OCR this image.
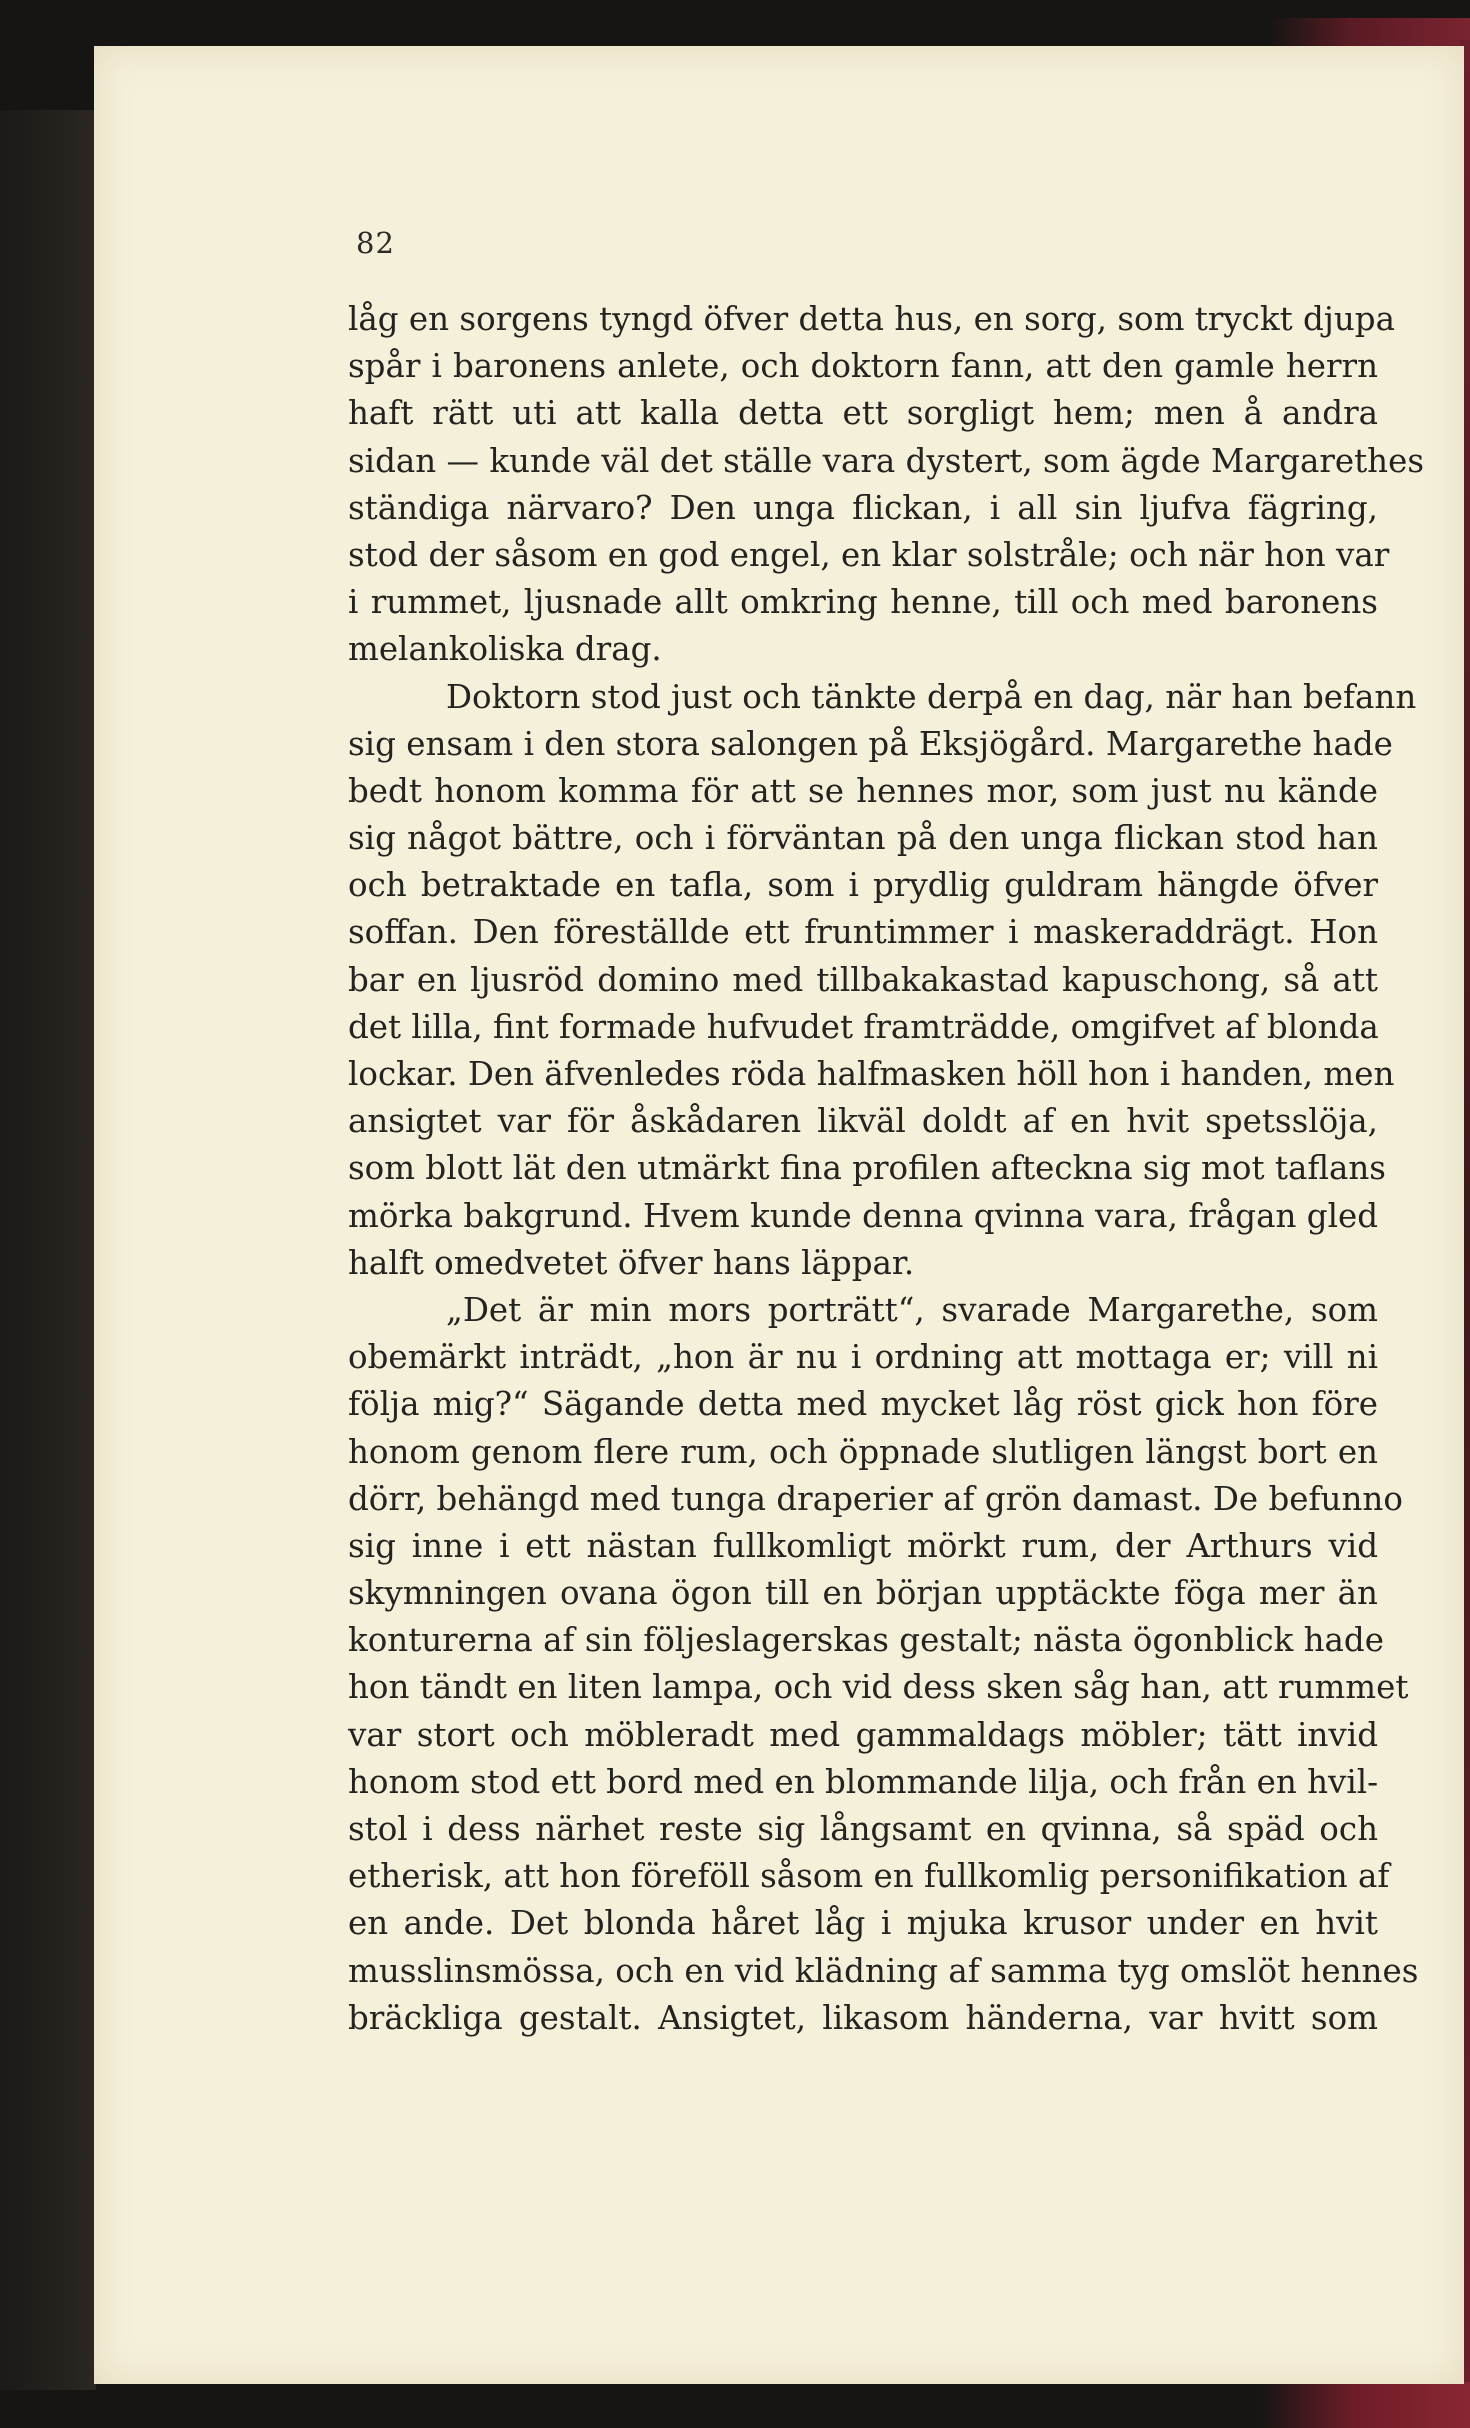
82
låg en sorgens tyngd öfver detta hus, en sorg, som tryckt djupa
spår i baronens anlete, och doktorn fann, att den gamle herrn
haft rätt uti att kalla detta ett sorgligt hem; men å andra
sidan — kunde väl det ställe vara dystert, som ägde Margarethes
ständiga närvaro? Den unga flickan, i all sin ljufva fägring,
stod der såsom en god engel, en klar solstråle; och när hon var
i rummet, ljusnade allt omkring henne, till och med baronens
melankoliska drag.
Doktorn stod just och tänkte derpå en dag, när han befann
sig ensam i den stora salongen på Eksjögård. Margarethe hade
bedt honom komma för att se hennes mor, som just nu kände
sig något bättre, och i förväntan på den unga flickan stod han
och betraktade en tafla, som i prydlig guldram hängde öfver
soffan. Den föreställde ett fruntimmer i maskeraddrägt. Hon
bar en ljusröd domino med tillbakakastad kapuschong, så att
det lilla, fint formade hufvudet framträdde, omgifvet af blonda
lockar. Den äfvenledes röda halfmasken höll hon i handen, men
ansigtet var för åskådaren likväl doldt af en hvit spetsslöja,
som blott lät den utmärkt fina profilen afteckna sig mot taflans
mörka bakgrund. Hvem kunde denna qvinna vara, frågan gled
halft omedvetet öfver hans läppar.
„Det är min mors porträtt“, svarade Margarethe, som
obemärkt inträdt, „hon är nu i ordning att mottaga er; vill ni
följa mig?“ Sägande detta med mycket låg röst gick hon före
honom genom flere rum, och öppnade slutligen längst bort en
dörr, behängd med tunga draperier af grön damast. De befunno
sig inne i ett nästan fullkomligt mörkt rum, der Arthurs vid
skymningen ovana ögon till en början upptäckte föga mer än
konturerna af sin följeslagerskas gestalt; nästa ögonblick hade
hon tändt en liten lampa, och vid dess sken såg han, att rummet
var stort och möbleradt med gammaldags möbler; tätt invid
honom stod ett bord med en blommande lilja, och från en hvil-
stol i dess närhet reste sig långsamt en qvinna, så späd och
etherisk, att hon föreföll såsom en fullkomlig personifikation af
en ande. Det blonda håret låg i mjuka krusor under en hvit
musslinsmössa, och en vid klädning af samma tyg omslöt hennes
bräckliga gestalt. Ansigtet, likasom händerna, var hvitt som
